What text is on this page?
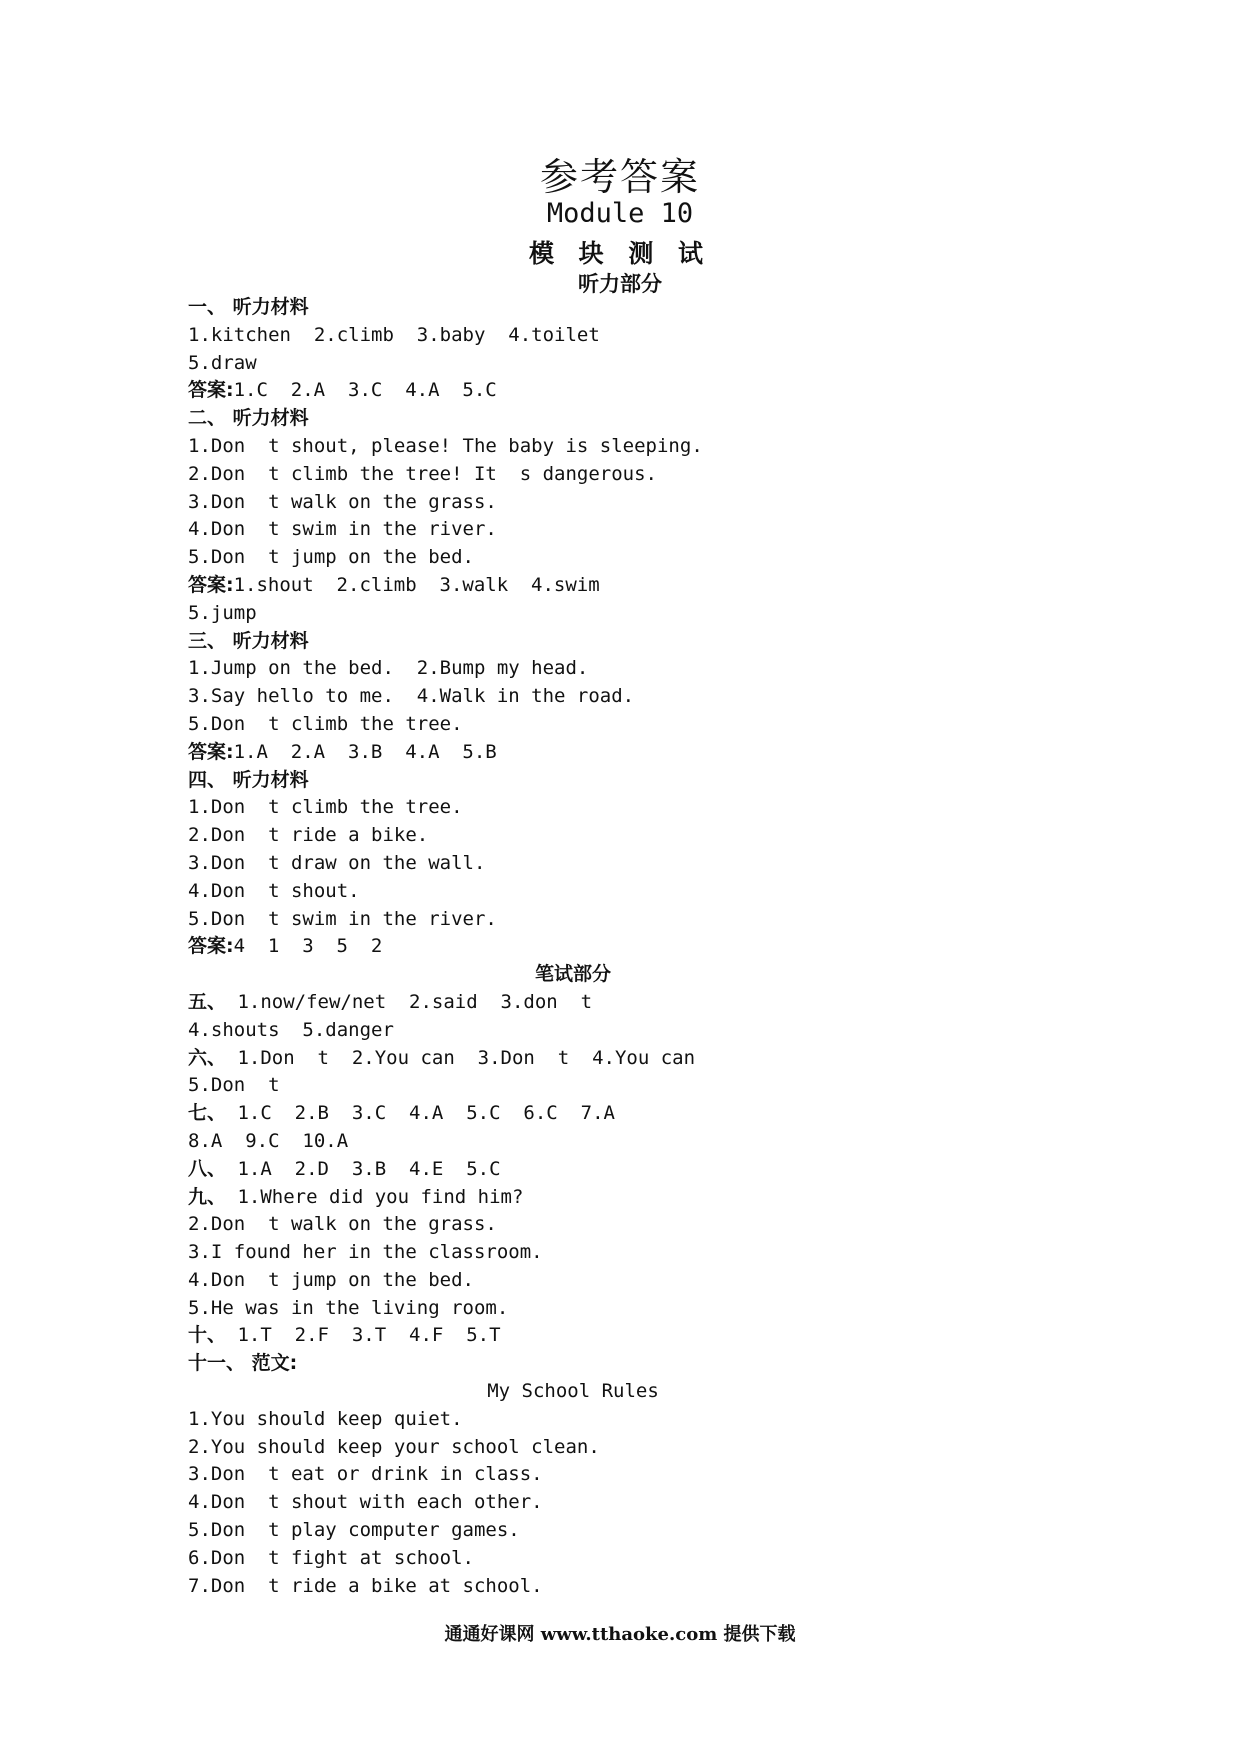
参考答案
Module 10
模 块 测 试
听力部分
一、 听力材料
1.kitchen  2.climb  3.baby  4.toilet
5.draw
答案:1.C  2.A  3.C  4.A  5.C
二、 听力材料
1.Don  t shout, please! The baby is sleeping.
2.Don  t climb the tree! It  s dangerous.
3.Don  t walk on the grass.
4.Don  t swim in the river.
5.Don  t jump on the bed.
答案:1.shout  2.climb  3.walk  4.swim
5.jump
三、 听力材料
1.Jump on the bed.  2.Bump my head.
3.Say hello to me.  4.Walk in the road.
5.Don  t climb the tree.
答案:1.A  2.A  3.B  4.A  5.B
四、 听力材料
1.Don  t climb the tree.
2.Don  t ride a bike.
3.Don  t draw on the wall.
4.Don  t shout.
5.Don  t swim in the river.
答案:4  1  3  5  2
笔试部分
五、 1.now/few/net  2.said  3.don  t
4.shouts  5.danger
六、 1.Don  t  2.You can  3.Don  t  4.You can
5.Don  t
七、 1.C  2.B  3.C  4.A  5.C  6.C  7.A
8.A  9.C  10.A
八、 1.A  2.D  3.B  4.E  5.C
九、 1.Where did you find him?
2.Don  t walk on the grass.
3.I found her in the classroom.
4.Don  t jump on the bed.
5.He was in the living room.
十、 1.T  2.F  3.T  4.F  5.T
十一、 范文:
My School Rules
1.You should keep quiet.
2.You should keep your school clean.
3.Don  t eat or drink in class.
4.Don  t shout with each other.
5.Don  t play computer games.
6.Don  t fight at school.
7.Don  t ride a bike at school.
通通好课网 www.tthaoke.com 提供下载
